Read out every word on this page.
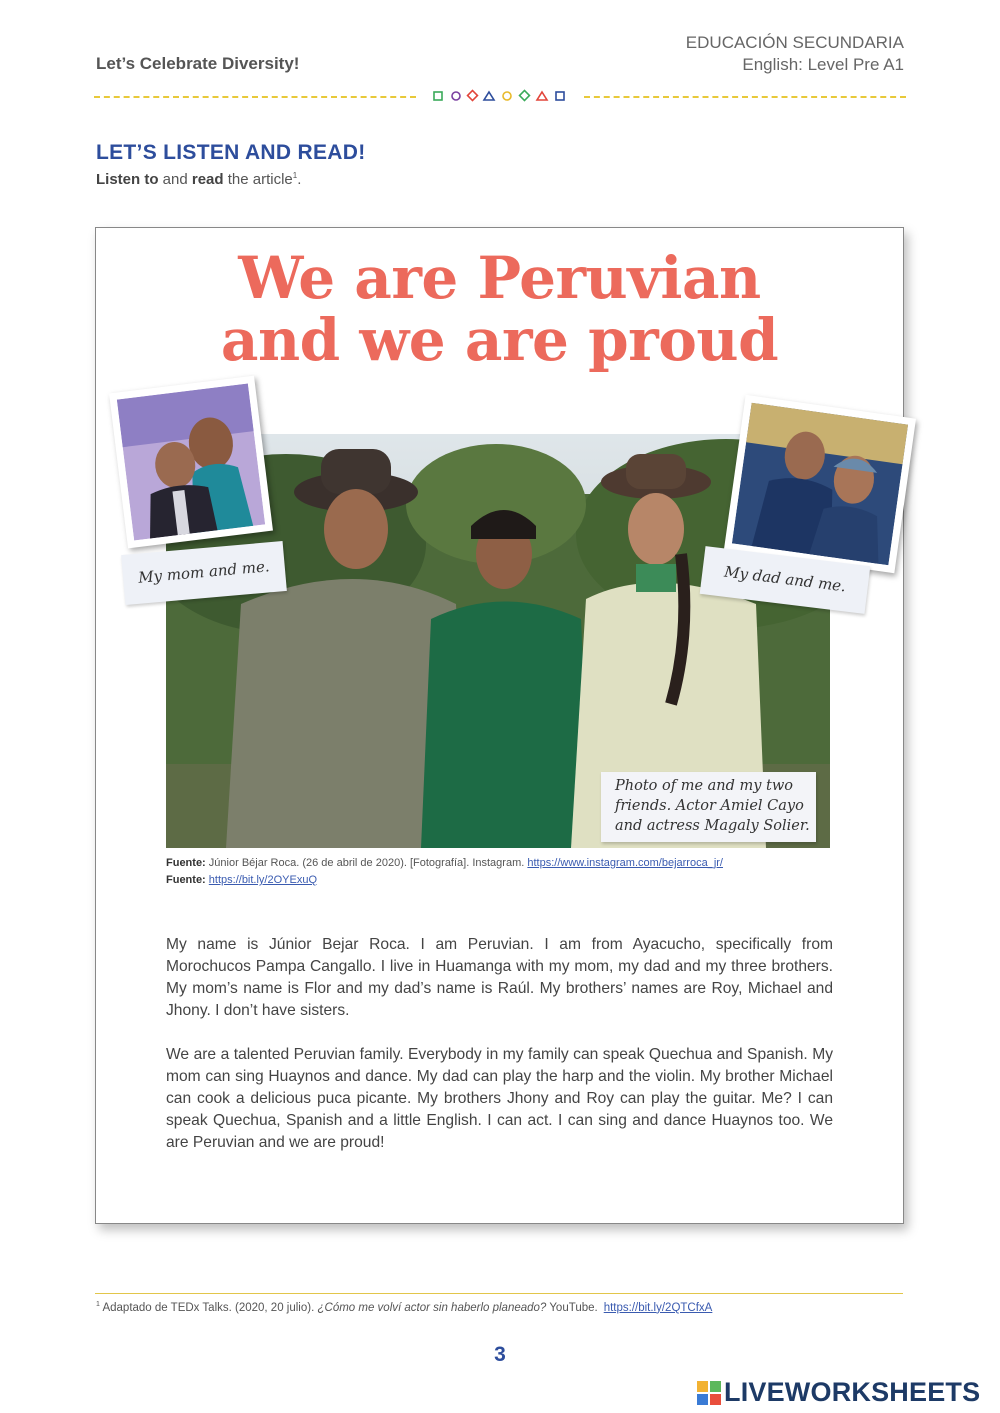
Let’s Celebrate Diversity!
EDUCACIÓN SECUNDARIA
English: Level Pre A1
LET’S LISTEN AND READ!
Listen to and read the article$^1$.
We are Peruvian
and we are proud
My mom and me.	My dad and me.
Photo of me and my two friends. Actor Amiel Cayo and actress Magaly Solier.
Fuente: Júnior Béjar Roca. (26 de abril de 2020). [Fotografía]. Instagram. https://www.instagram.com/bejarroca_jr/
Fuente: https://bit.ly/2OYExuQ
My name is Júnior Bejar Roca. I am Peruvian. I am from Ayacucho, specifically from Morochucos Pampa Cangallo. I live in Huamanga with my mom, my dad and my three brothers. My mom’s name is Flor and my dad’s name is Raúl. My brothers’ names are Roy, Michael and Jhony. I don’t have sisters.
We are a talented Peruvian family. Everybody in my family can speak Quechua and Spanish. My mom can sing Huaynos and dance. My dad can play the harp and the violin. My brother Michael can cook a delicious puca picante. My brothers Jhony and Roy can play the guitar. Me? I can speak Quechua, Spanish and a little English. I can act. I can sing and dance Huaynos too. We are Peruvian and we are proud!
$^1$ Adaptado de TEDx Talks. (2020, 20 julio). ¿Cómo me volví actor sin haberlo planeado? YouTube. https://bit.ly/2QTCfxA
3
LIVEWORKSHEETS
